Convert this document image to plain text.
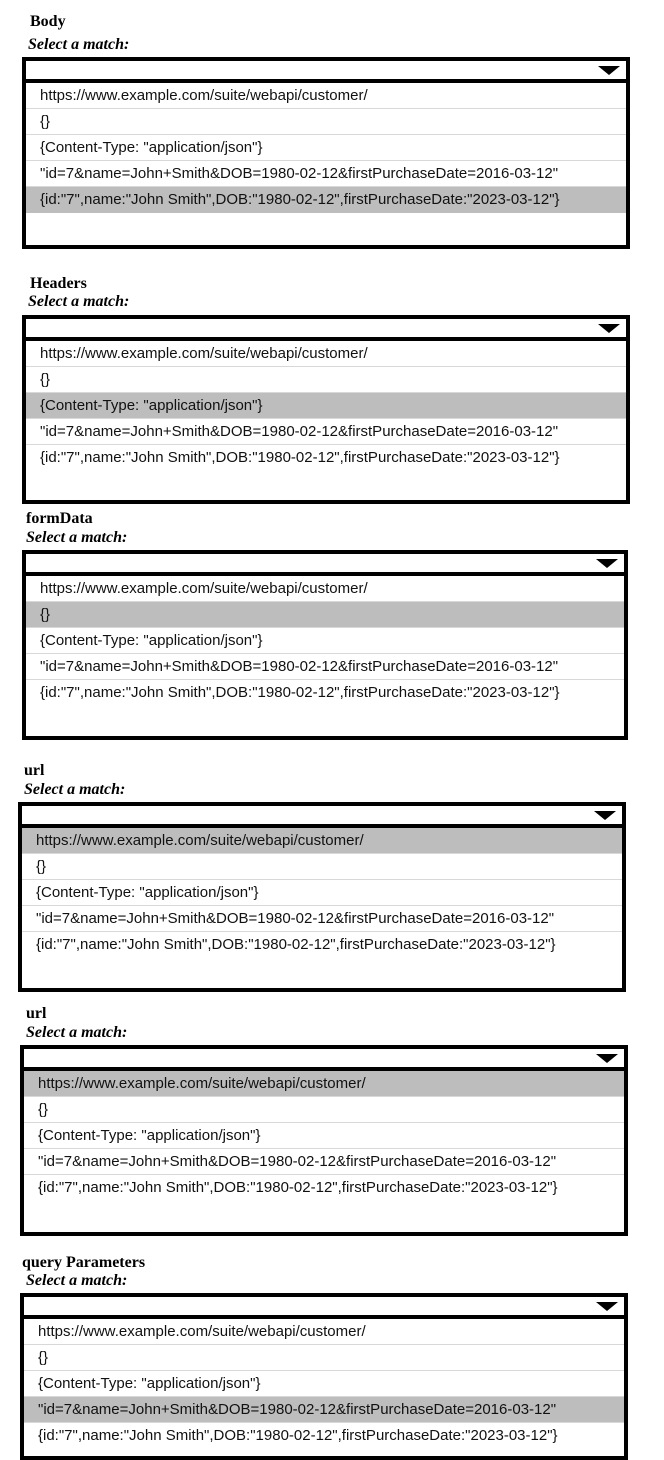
Body
Select a match:
https://www.example.com/suite/webapi/customer/
{}
{Content-Type: "application/json"}
"id=7&name=John+Smith&DOB=1980-02-12&firstPurchaseDate=2016-03-12"
{id:"7",name:"John Smith",DOB:"1980-02-12",firstPurchaseDate:"2023-03-12"}
Headers
Select a match:
https://www.example.com/suite/webapi/customer/
{}
{Content-Type: "application/json"}
"id=7&name=John+Smith&DOB=1980-02-12&firstPurchaseDate=2016-03-12"
{id:"7",name:"John Smith",DOB:"1980-02-12",firstPurchaseDate:"2023-03-12"}
formData
Select a match:
https://www.example.com/suite/webapi/customer/
{}
{Content-Type: "application/json"}
"id=7&name=John+Smith&DOB=1980-02-12&firstPurchaseDate=2016-03-12"
{id:"7",name:"John Smith",DOB:"1980-02-12",firstPurchaseDate:"2023-03-12"}
url
Select a match:
https://www.example.com/suite/webapi/customer/
{}
{Content-Type: "application/json"}
"id=7&name=John+Smith&DOB=1980-02-12&firstPurchaseDate=2016-03-12"
{id:"7",name:"John Smith",DOB:"1980-02-12",firstPurchaseDate:"2023-03-12"}
url
Select a match:
https://www.example.com/suite/webapi/customer/
{}
{Content-Type: "application/json"}
"id=7&name=John+Smith&DOB=1980-02-12&firstPurchaseDate=2016-03-12"
{id:"7",name:"John Smith",DOB:"1980-02-12",firstPurchaseDate:"2023-03-12"}
query Parameters
Select a match:
https://www.example.com/suite/webapi/customer/
{}
{Content-Type: "application/json"}
"id=7&name=John+Smith&DOB=1980-02-12&firstPurchaseDate=2016-03-12"
{id:"7",name:"John Smith",DOB:"1980-02-12",firstPurchaseDate:"2023-03-12"}
